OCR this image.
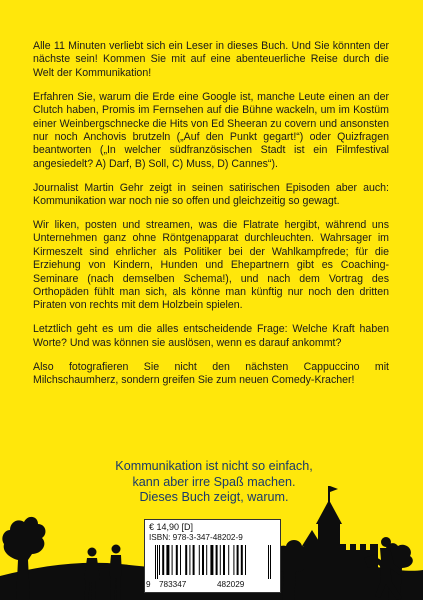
Alle 11 Minuten verliebt sich ein Leser in dieses Buch. Und Sie könnten der nächste sein! Kommen Sie mit auf eine abenteuerliche Reise durch die Welt der Kommunikation!

Erfahren Sie, warum die Erde eine Google ist, manche Leute einen an der Clutch haben, Promis im Fernsehen auf die Bühne wackeln, um im Kostüm einer Weinbergschnecke die Hits von Ed Sheeran zu covern und ansonsten nur noch Anchovis brutzeln („Auf den Punkt gegart!“) oder Quizfragen beantworten („In welcher südfranzösischen Stadt ist ein Filmfestival angesiedelt? A) Darf, B) Soll, C) Muss, D) Cannes“).

Journalist Martin Gehr zeigt in seinen satirischen Episoden aber auch: Kommunikation war noch nie so offen und gleichzeitig so gewagt.

Wir liken, posten und streamen, was die Flatrate hergibt, während uns Unternehmen ganz ohne Röntgenapparat durchleuchten. Wahrsager im Kirmeszelt sind ehrlicher als Politiker bei der Wahlkampfrede; für die Erziehung von Kindern, Hunden und Ehepartnern gibt es Coaching-Seminare (nach demselben Schema!), und nach dem Vortrag des Orthopäden fühlt man sich, als könne man künftig nur noch den dritten Piraten von rechts mit dem Holzbein spielen.

Letztlich geht es um die alles entscheidende Frage: Welche Kraft haben Worte? Und was können sie auslösen, wenn es darauf ankommt?

Also fotografieren Sie nicht den nächsten Cappuccino mit Milchschaumherz, sondern greifen Sie zum neuen Comedy-Kracher!

Kommunikation ist nicht so einfach,
kann aber irre Spaß machen.
Dieses Buch zeigt, warum.
€ 14,90 [D]
ISBN: 978-3-347-48202-9
9 783347	482029
